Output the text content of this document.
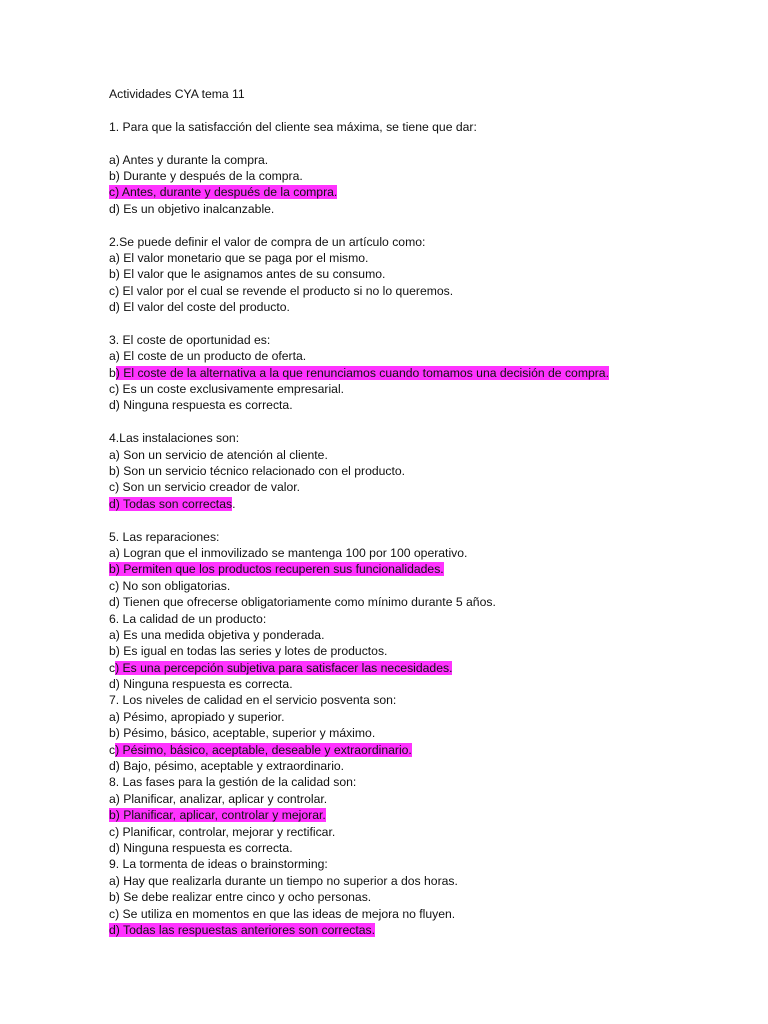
Actividades CYA tema 11
1. Para que la satisfacción del cliente sea máxima, se tiene que dar:
a) Antes y durante la compra.
b) Durante y después de la compra.
c) Antes, durante y después de la compra.
d) Es un objetivo inalcanzable.
2.Se puede definir el valor de compra de un artículo como:
a) El valor monetario que se paga por el mismo.
b) El valor que le asignamos antes de su consumo.
c) El valor por el cual se revende el producto si no lo queremos.
d) El valor del coste del producto.
3. El coste de oportunidad es:
a) El coste de un producto de oferta.
b) El coste de la alternativa a la que renunciamos cuando tomamos una decisión de compra.
c) Es un coste exclusivamente empresarial.
d) Ninguna respuesta es correcta.
4.Las instalaciones son:
a) Son un servicio de atención al cliente.
b) Son un servicio técnico relacionado con el producto.
c) Son un servicio creador de valor.
d) Todas son correctas.
5. Las reparaciones:
a) Logran que el inmovilizado se mantenga 100 por 100 operativo.
b) Permiten que los productos recuperen sus funcionalidades.
c) No son obligatorias.
d) Tienen que ofrecerse obligatoriamente como mínimo durante 5 años.
6. La calidad de un producto:
a) Es una medida objetiva y ponderada.
b) Es igual en todas las series y lotes de productos.
c) Es una percepción subjetiva para satisfacer las necesidades.
d) Ninguna respuesta es correcta.
7. Los niveles de calidad en el servicio posventa son:
a) Pésimo, apropiado y superior.
b) Pésimo, básico, aceptable, superior y máximo.
c) Pésimo, básico, aceptable, deseable y extraordinario.
d) Bajo, pésimo, aceptable y extraordinario.
8. Las fases para la gestión de la calidad son:
a) Planificar, analizar, aplicar y controlar.
b) Planificar, aplicar, controlar y mejorar.
c) Planificar, controlar, mejorar y rectificar.
d) Ninguna respuesta es correcta.
9. La tormenta de ideas o brainstorming:
a) Hay que realizarla durante un tiempo no superior a dos horas.
b) Se debe realizar entre cinco y ocho personas.
c) Se utiliza en momentos en que las ideas de mejora no fluyen.
d) Todas las respuestas anteriores son correctas.
